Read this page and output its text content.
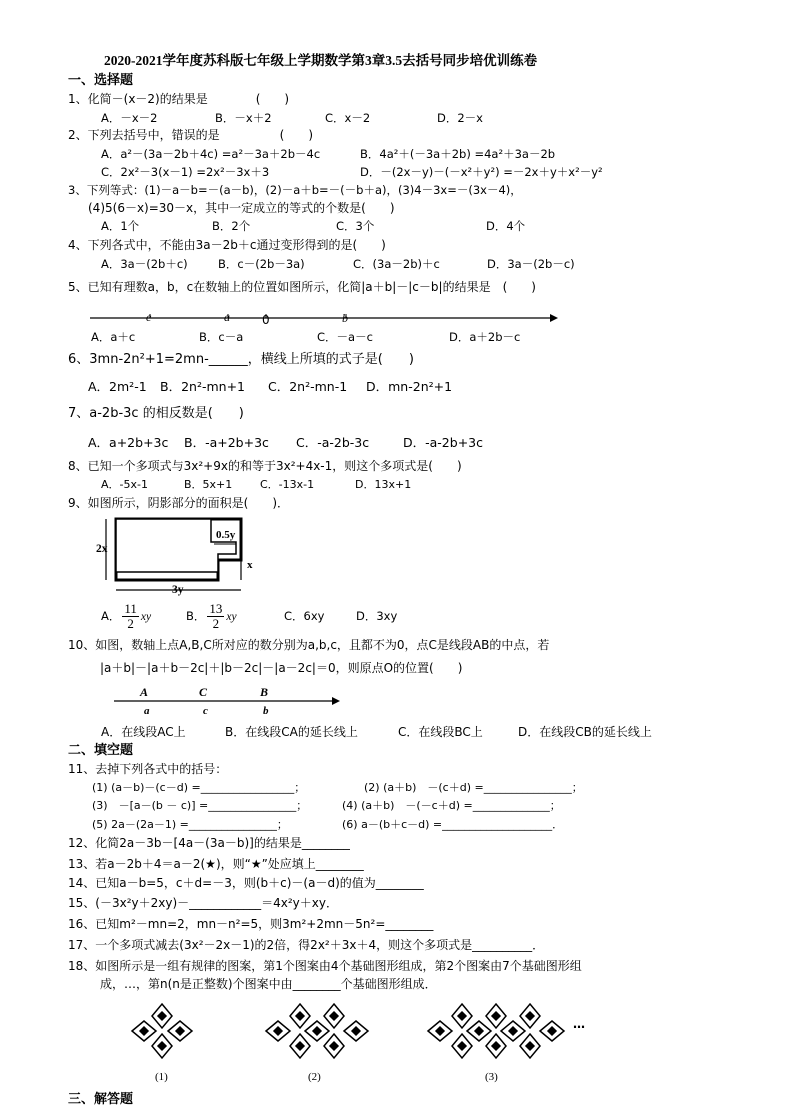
2020-2021学年度苏科版七年级上学期数学第3章3.5去括号同步培优训练卷
一、选择题
1、化简－(x－2)的结果是　　　　(　　)
A．－x－2	B．－x＋2	C．x－2	D．2－x
2、下列去括号中，错误的是　　　　　(　　)
A．a²－(3a－2b＋4c) =a²－3a＋2b－4c	B．4a²＋(－3a＋2b) =4a²＋3a－2b
C．2x²－3(x－1) =2x²－3x＋3	D．－(2x－y)－(－x²＋y²) =－2x＋y＋x²－y²
3、下列等式：(1)－a－b=－(a－b)，(2)－a＋b=－(－b＋a)，(3)4－3x=－(3x－4)，
(4)5(6－x)=30－x，其中一定成立的等式的个数是(　　)
A．1个	B．2个	C．3个	D．4个
4、下列各式中，不能由3a－2b＋c通过变形得到的是(　　)
A．3a－(2b＋c)	B．c－(2b－3a)	C．(3a－2b)＋c	D．3a－(2b－c)
5、已知有理数a，b，c在数轴上的位置如图所示，化简|a＋b|－|c－b|的结果是　(　　)
c	a	0	b
A．a＋c	B．c－a	C．－a－c	D．a＋2b－c
6、3mn-2n²+1=2mn-______，横线上所填的式子是(　　)
A．2m²-1 B．2n²-mn+1 C．2n²-mn-1 D．mn-2n²+1
7、a-2b-3c 的相反数是(　　)
A．a+2b+3c B．-a+2b+3c C．-a-2b-3c	D．-a-2b+3c
8、已知一个多项式与3x²+9x的和等于3x²+4x-1，则这个多项式是(　　)
A．-5x-1	B．5x+1	C．-13x-1	D．13x+1
9、如图所示，阴影部分的面积是(　　)．
2x
0.5y
x
3y
A． $\frac{11}{2}$ xy	B． $\frac{13}{2}$ xy	C．6xy	D．3xy
10、如图，数轴上点A,B,C所对应的数分别为a,b,c，且都不为0，点C是线段AB的中点，若
|a＋b|－|a＋b－2c|＋|b－2c|－|a－2c|＝0，则原点O的位置(　　)
A	C	B
a	c	b
A．在线段AC上	B．在线段CA的延长线上	C．在线段BC上	D．在线段CB的延长线上
二、填空题
11、去掉下列各式中的括号：
(1) (a－b)－(c－d) =_________________；	(2) (a＋b)　－(c＋d) =________________；
(3)　－[a－(b － c)] =________________；	(4) (a＋b)　－(－c＋d) =______________；
(5) 2a－(2a－1) =________________；	(6) a－(b＋c－d) =____________________．
12、化简2a－3b－[4a－(3a－b)]的结果是________
13、若a－2b＋4＝a－2(★)，则“★”处应填上________
14、已知a－b=5，c＋d=－3，则(b＋c)－(a－d)的值为________
15、(－3x²y＋2xy)－____________＝4x²y＋xy．
16、已知m²－mn=2，mn－n²=5，则3m²+2mn－5n²=________
17、一个多项式减去(3x²－2x－1)的2倍，得2x²＋3x＋4，则这个多项式是__________．
18、如图所示是一组有规律的图案，第1个图案由4个基础图形组成，第2个图案由7个基础图形组
成，…，第n(n是正整数)个图案中由________个基础图形组成．
…
(1)	(2)	(3)
三、解答题
